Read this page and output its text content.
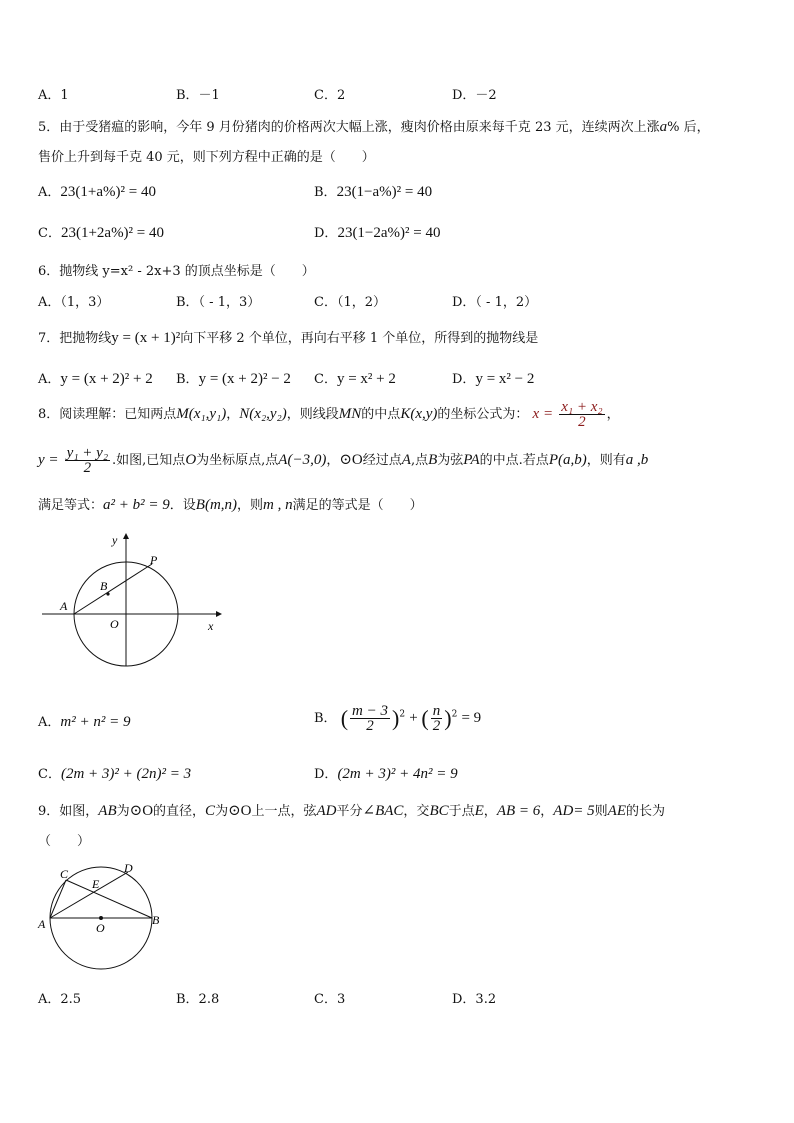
A．1	B．－1	C．2	D．－2
5．由于受猪瘟的影响，今年 9 月份猪肉的价格两次大幅上涨，瘦肉价格由原来每千克 23 元，连续两次上涨a% 后，
售价上升到每千克 40 元，则下列方程中正确的是（　　）
A．23(1+a%)² = 40	B．23(1−a%)² = 40
C．23(1+2a%)² = 40	D．23(1−2a%)² = 40
6．抛物线 y=x² - 2x+3 的顶点坐标是（　　）
A．（1，3）	B．（ - 1，3）	C．（1，2）	D．（ - 1，2）
7．把抛物线y = (x + 1)²向下平移 2 个单位，再向右平移 1 个单位，所得到的抛物线是
A．y = (x + 2)² + 2 B．y = (x + 2)² − 2 C．y = x² + 2	D．y = x² − 2
8．阅读理解：已知两点M(x₁,y₁)，N(x₂,y₂)，则线段MN的中点K(x,y)的坐标公式为： $x = \frac{\text{x₁ + x₂}}{2}$ ，
$y = \frac{\text{y₁ + y₂}}{2}$ .如图,已知点O为坐标原点,点A(−3,0)，⊙O经过点A,点B为弦PA的中点.若点P(a,b)，则有a ,b
满足等式：a² + b² = 9．设B(m,n)，则m , n满足的等式是（　　）
y
x
P
B
A
O
A．m² + n² = 9	B． ( $\frac{m - 3}{2} )^2$ + ( $\frac{n}{2} )^2 = 9$
C．(2m + 3)² + (2n)² = 3	D．(2m + 3)² + 4n² = 9
9．如图，AB为⊙O的直径，C为⊙O上一点，弦AD平分∠BAC，交BC于点E，AB = 6，AD= 5则AE的长为
（　　）
C	D
E
A	O
B
A．2.5	B．2.8	C．3	D．3.2
